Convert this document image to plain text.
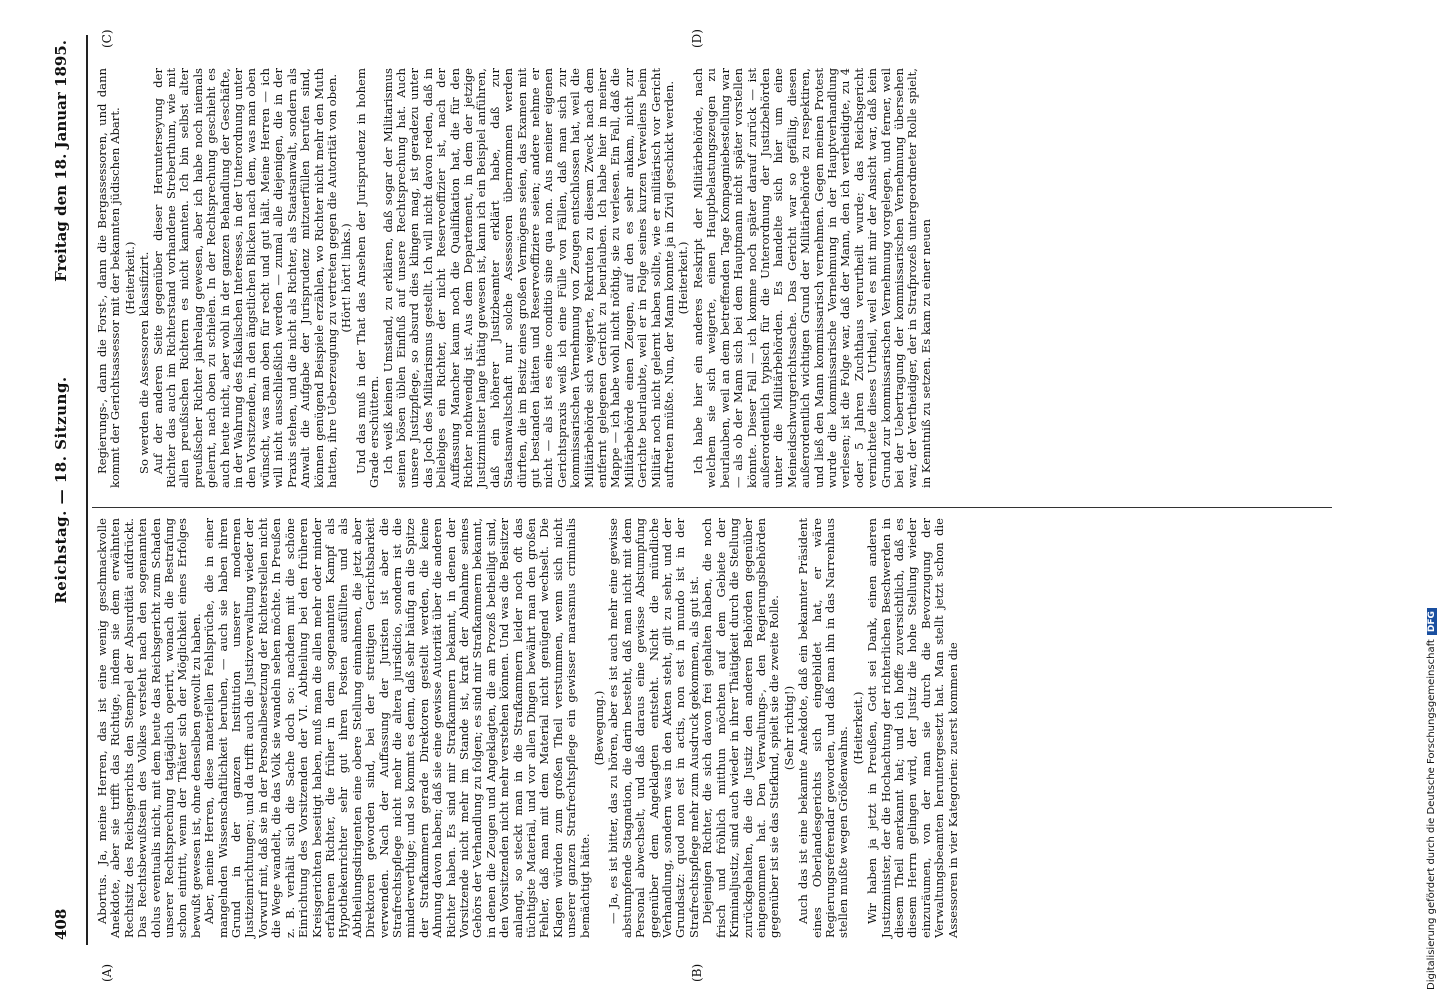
408
Reichstag. — 18. Sitzung.
Freitag den 18. Januar 1895.
(A)	(B)
(C)	(D)

Abortus. Ja, meine Herren, das ist eine wenig geschmackvolle Anekdote, aber sie trifft das Richtige, indem sie dem erwähnten Rechtsitz des Reichsgerichts den Stempel der Absurdität aufdrückt. Das Rechtsbewußtsein des Volkes versteht nach den sogenannten dolus eventualis nicht, mit dem heute das Reichsgericht zum Schaden unserer Rechtsprechung tagtäglich operirt, wonach die Bestrafung schon eintritt, wenn der Thäter sich der Möglichkeit eines Erfolges bewußt gewesen ist, ohne denselben gewollt zu haben. Aber, meine Herren, diese materiellen Fehlsprüche, die in einer mangelnden Wissenschaftlichkeit beruhen, — auch sie haben ihren Grund in der ganzen Institution unserer modernen Justizeinrichtungen; und da trifft auch die Justizverwaltung wieder der Vorwurf mit, daß sie in der Personalbesetzung der Richterstellen nicht die Wege wandelt, die das Volk sie wandeln sehen möchte. In Preußen z. B. verhält sich die Sache doch so: nachdem mit die schöne Einrichtung des Vorsitzenden der VI. Abtheilung bei den früheren Kreisgerichten beseitigt haben, muß man die allen mehr oder minder erfahrenen Richter, die früher in dem sogenannten Kampf als Hypothekenrichter sehr gut ihren Posten ausfüllten und als Abtheilungsdirigenten eine obere Stellung einnahmen, die jetzt aber Direktoren geworden sind, bei der streitigen Gerichtsbarkeit verwenden. Nach der Auffassung der Juristen ist aber die Strafrechtspflege nicht mehr die altera jurisdicio, sondern ist die minderwerthige; und so kommt es denn, daß sehr häufig an die Spitze der Strafkammern gerade Direktoren gestellt werden, die keine Ahnung davon haben; daß sie eine gewisse Autorität über die anderen Richter haben. Es sind mir Strafkammern bekannt, in denen der Vorsitzende nicht mehr im Stande ist, kraft der Abnahme seines Gehörs der Verhandlung zu folgen; es sind mir Strafkammern bekannt, in denen die Zeugen und Angeklagten, die am Prozeß betheiligt sind, den Vorsitzenden nicht mehr verstehen können. Und was die Beisitzer anlangt, so steckt man in die Strafkammern leider noch oft das tüchtigste Material, und vor allen Dingen bewährt man den großen Fehler, daß man mit dem Material nicht genügend wechselt. Die Klagen würden zum großen Theil verstummen, wenn sich nicht unserer ganzen Strafrechtspflege ein gewisser marasmus criminalis bemächtigt hätte.

(Bewegung.) — Ja, es ist bitter, das zu hören, aber es ist auch mehr eine gewisse abstumpfende Stagnation, die darin besteht, daß man nicht mit dem Personal abwechselt, und daß daraus eine gewisse Abstumpfung gegenüber dem Angeklagten entsteht. Nicht die mündliche Verhandlung, sondern was in den Akten steht, gilt zu sehr, und der Grundsatz: quod non est in actis, non est in mundo ist in der Strafrechtspflege mehr zum Ausdruck gekommen, als gut ist. Diejenigen Richter, die sich davon frei gehalten haben, die noch frisch und fröhlich mitthun möchten auf dem Gebiete der Kriminaljustiz, sind auch wieder in ihrer Thätigkeit durch die Stellung zurückgehalten, die die Justiz den anderen Behörden gegenüber eingenommen hat. Den Verwaltungs-, den Regierungsbehörden gegenüber ist sie das Stiefkind, spielt sie die zweite Rolle. (Sehr richtig!) Auch das ist eine bekannte Anekdote, daß ein bekannter Präsident eines Oberlandesgerichts sich eingebildet hat, er wäre Regierungsreferendar geworden, und daß man ihn in das Narrenhaus stellen mußte wegen Größenwahns. (Heiterkeit.) Wir haben ja jetzt in Preußen, Gott sei Dank, einen anderen Justizminister, der die Hochachtung der richterlichen Beschwerden in diesem Theil anerkannt hat; und ich hoffe zuversichtlich, daß es diesem Herrn gelingen wird, der Justiz die hohe Stellung wieder einzuräumen, von der man sie durch die Bevorzugung der Verwaltungsbeamten heruntergesetzt hat. Man stellt jetzt schon die Assessoren in vier Kategorien: zuerst kommen die

Regierungs-, dann die Forst-, dann die Bergassessoren, und dann kommt der Gerichtsassessor mit der bekannten jüdischen Abart. (Heiterkeit.) So werden die Assessoren klassifizirt. Auf der anderen Seite gegenüber dieser Herunterseyung der Richter das auch im Richterstand vorhandene Streberthum, wie mit allen preußischen Richtern es nicht kannten. Ich bin selbst alter preußischer Richter jahrelang gewesen, aber ich habe noch niemals gelernt, nach oben zu schielen. In der Rechtsprechung geschieht es auch heute nicht, aber wohl in der ganzen Behandlung der Geschäfte, in der Wahrung des fiskalischen Interesses, in der Unterordnung unter den Vorsitzenden, in den ängstlichen Blicken nach dem, was man oben wünscht, was man oben für recht und gut hält. Meine Herren — ich will nicht ausschließlich werden — zumal alle diejenigen, die in der Praxis stehen, und die nicht als Richter, als Staatsanwalt, sondern als Anwalt die Aufgabe der Jurisprudenz mitzuerfüllen berufen sind, können genügend Beispiele erzählen, wo Richter nicht mehr den Muth hatten, ihre Ueberzeugung zu vertreten gegen die Autorität von oben. (Hört! hört! links.) Und das muß in der That das Ansehen der Jurisprudenz in hohem Grade erschüttern. Ich weiß keinen Umstand, zu erklären, daß sogar der Militarismus seinen bösen üblen Einfluß auf unsere Rechtsprechung hat. Auch unsere Justizpflege, so absurd dies klingen mag, ist geradezu unter das Joch des Militarismus gestellt. Ich will nicht davon reden, daß in beliebiges ein Richter, der nicht Reserveoffizier ist, nach der Auffassung Mancher kaum noch die Qualifikation hat, die für den Richter nothwendig ist. Aus dem Departement, in dem der jetzige Justizminister lange thätig gewesen ist, kann ich ein Beispiel anführen, daß ein höherer Justizbeamter erklärt habe, daß zur Staatsanwaltschaft nur solche Assessoren übernommen werden dürften, die im Besitz eines großen Vermögens seien, das Examen mit gut bestanden hätten und Reserveoffiziere seien; andere nehme er nicht — als ist es eine conditio sine qua non. Aus meiner eigenen Gerichtspraxis weiß ich eine Fülle von Fällen, daß man sich zur kommissarischen Vernehmung von Zeugen entschlossen hat, weil die Militärbehörde sich weigerte, Rekruten zu diesem Zweck nach dem entfernt gelegenen Gericht zu beurlauben. Ich habe hier in meiner Mappe — ich habe wohl nicht nöthig, sie zu verlesen. Ein Fall, daß die Militärbehörde einen Zeugen, auf den es sehr ankam, nicht zur Gerichte beurlaubte, weil er in Folge seines kurzen Verweilens beim Militär noch nicht gelernt haben sollte, wie er militärisch vor Gericht auftreten müßte. Nun, der Mann konnte ja in Zivil geschickt werden. (Heiterkeit.) Ich habe hier ein anderes Reskript der Militärbehörde, nach welchem sie sich weigerte, einen Hauptbelastungszeugen zu beurlauben, weil an dem betreffenden Tage Kompagniebestellung war — als ob der Mann sich bei dem Hauptmann nicht später vorstellen könnte. Dieser Fall — ich komme noch später darauf zurück — ist außerordentlich typisch für die Unterordnung der Justizbehörden unter die Militärbehörden. Es handelte sich hier um eine Meineidschwurgerichtssache. Das Gericht war so gefällig, diesen außerordentlich wichtigen Grund der Militärbehörde zu respektiren, und ließ den Mann kommissarisch vernehmen. Gegen meinen Protest wurde die kommissarische Vernehmung in der Hauptverhandlung verlesen; ist die Folge war, daß der Mann, den ich vertheidigte, zu 4 oder 5 Jahren Zuchthaus verurtheilt wurde; das Reichsgericht vernichtete dieses Urtheil, weil es mit mir der Ansicht war, daß kein Grund zur kommissarischen Vernehmung vorgelegen, und ferner, weil bei der Uebertragung der kommissarischen Vernehmung übersehen war, der Vertheidiger, der in Strafprozeß untergeordneter Rolle spielt, in Kenntniß zu setzen. Es kam zu einer neuen

Digitalisierung gefördert durch die Deutsche ForschungsgemeinschaftDFG
